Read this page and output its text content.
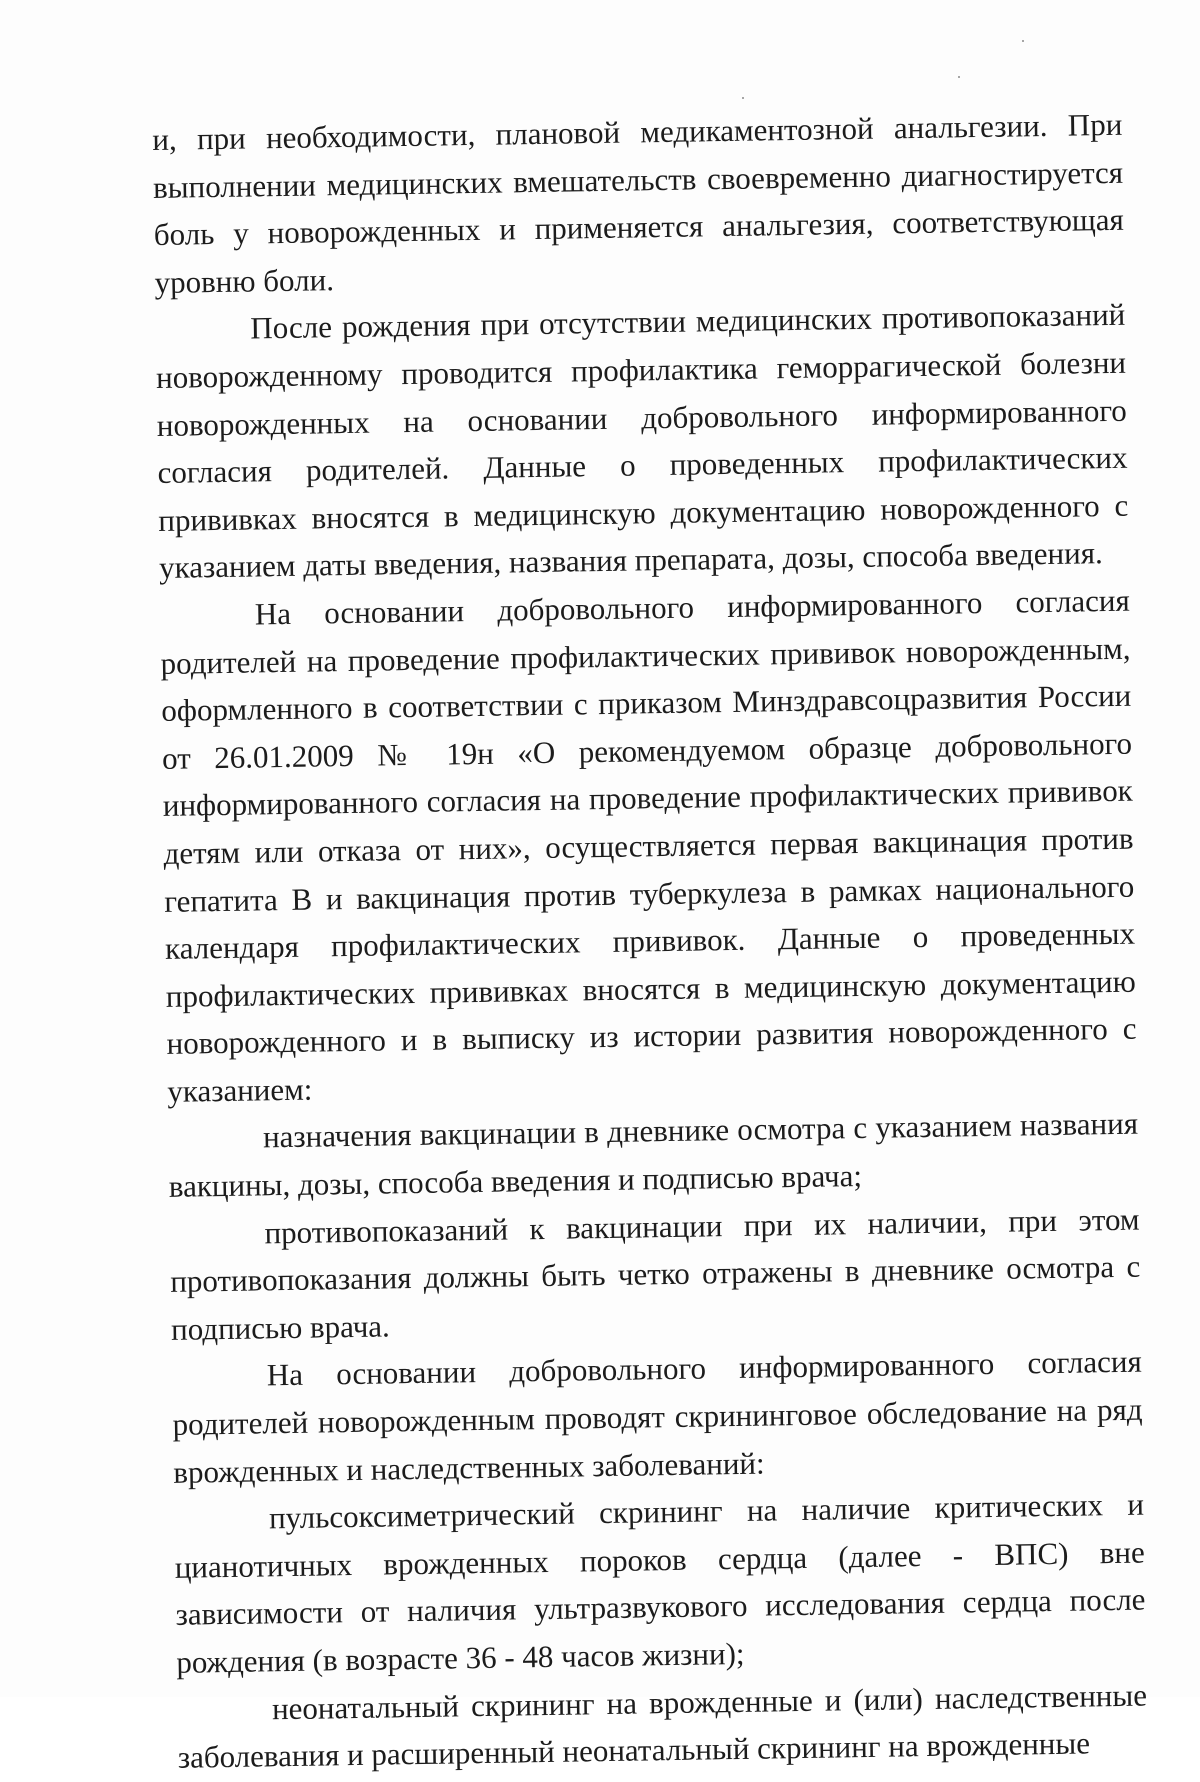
и, при необходимости, плановой медикаментозной анальгезии. При выполнении медицинских вмешательств своевременно диагностируется боль у новорожденных и применяется анальгезия, соответствующая уровню боли.

После рождения при отсутствии медицинских противопоказаний новорожденному проводится профилактика геморрагической болезни новорожденных на основании добровольного информированного согласия родителей. Данные о проведенных профилактических прививках вносятся в медицинскую документацию новорожденного с указанием даты введения, названия препарата, дозы, способа введения.

На основании добровольного информированного согласия родителей на проведение профилактических прививок новорожденным, оформленного в соответствии с приказом Минздравсоцразвития России от 26.01.2009 № 19н «О рекомендуемом образце добровольного информированного согласия на проведение профилактических прививок детям или отказа от них», осуществляется первая вакцинация против гепатита B и вакцинация против туберкулеза в рамках национального календаря профилактических прививок. Данные о проведенных профилактических прививках вносятся в медицинскую документацию новорожденного и в выписку из истории развития новорожденного с указанием:

назначения вакцинации в дневнике осмотра с указанием названия вакцины, дозы, способа введения и подписью врача;

противопоказаний к вакцинации при их наличии, при этом противопоказания должны быть четко отражены в дневнике осмотра с подписью врача.

На основании добровольного информированного согласия родителей новорожденным проводят скрининговое обследование на ряд врожденных и наследственных заболеваний:

пульсоксиметрический скрининг на наличие критических и цианотичных врожденных пороков сердца (далее - ВПС) вне зависимости от наличия ультразвукового исследования сердца после рождения (в возрасте 36 - 48 часов жизни);

неонатальный скрининг на врожденные и (или) наследственные заболевания и расширенный неонатальный скрининг на врожденные
